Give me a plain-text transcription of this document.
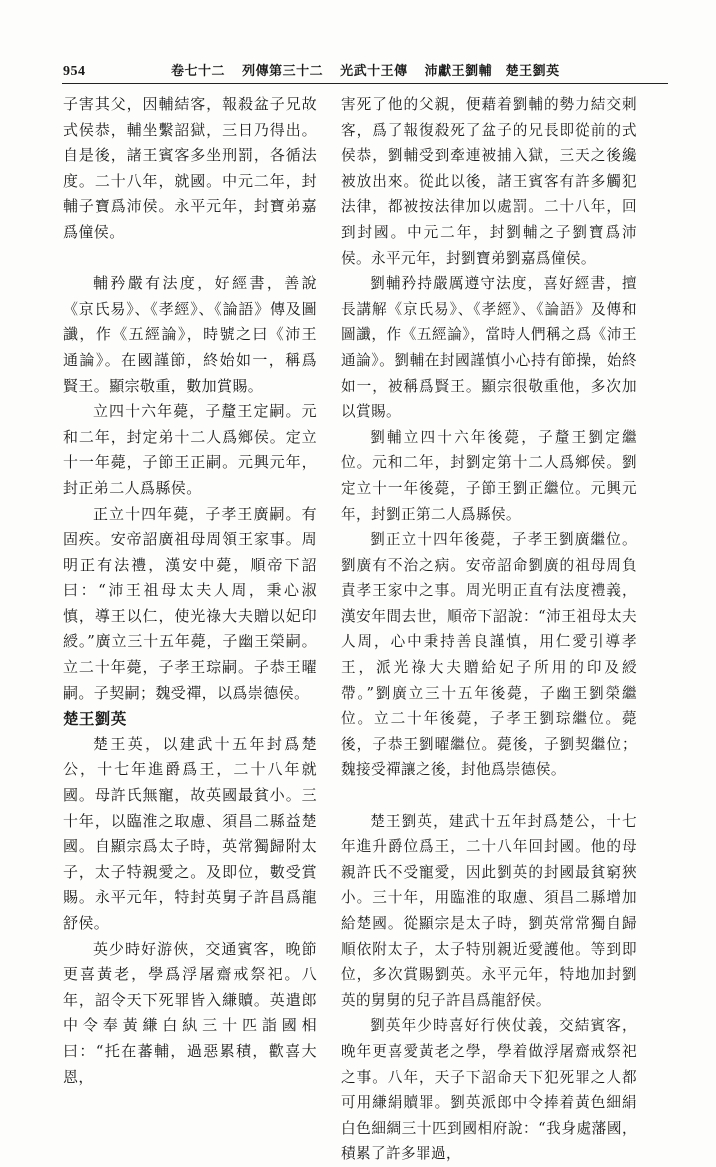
954	卷七十二 列傳第三十二 光武十王傳 沛獻王劉輔　楚王劉英

子害其父，因輔結客，報殺盆子兄故式侯恭，輔坐繫詔獄，三日乃得出。自是後，諸王賓客多坐刑罰，各循法度。二十八年，就國。中元二年，封輔子寶爲沛侯。永平元年，封寶弟嘉爲僮侯。

輔矜嚴有法度，好經書，善說《京氏易》、《孝經》、《論語》傳及圖讖，作《五經論》，時號之曰《沛王通論》。在國謹節，終始如一，稱爲賢王。顯宗敬重，數加賞賜。

立四十六年薨，子釐王定嗣。元和二年，封定弟十二人爲鄉侯。定立十一年薨，子節王正嗣。元興元年，封正弟二人爲縣侯。

正立十四年薨，子孝王廣嗣。有固疾。安帝詔廣祖母周領王家事。周明正有法禮，漢安中薨，順帝下詔曰：“沛王祖母太夫人周，秉心淑慎，導王以仁，使光祿大夫贈以妃印綬。”廣立三十五年薨，子幽王榮嗣。立二十年薨，子孝王琮嗣。子恭王曜嗣。子契嗣；魏受禪，以爲崇德侯。

楚王劉英

楚王英，以建武十五年封爲楚公，十七年進爵爲王，二十八年就國。母許氏無寵，故英國最貧小。三十年，以臨淮之取慮、須昌二縣益楚國。自顯宗爲太子時，英常獨歸附太子，太子特親愛之。及即位，數受賞賜。永平元年，特封英舅子許昌爲龍舒侯。

英少時好游俠，交通賓客，晚節更喜黃老，學爲浮屠齋戒祭祀。八年，詔令天下死罪皆入縑贖。英遣郎中令奉黃縑白紈三十匹詣國相曰：“托在蕃輔，過惡累積，歡喜大恩，

害死了他的父親，便藉着劉輔的勢力結交刺客，爲了報復殺死了盆子的兄長即從前的式侯恭，劉輔受到牽連被捕入獄，三天之後纔被放出來。從此以後，諸王賓客有許多觸犯法律，都被按法律加以處罰。二十八年，回到封國。中元二年，封劉輔之子劉寶爲沛侯。永平元年，封劉寶弟劉嘉爲僮侯。

劉輔矜持嚴厲遵守法度，喜好經書，擅長講解《京氏易》、《孝經》、《論語》及傳和圖讖，作《五經論》，當時人們稱之爲《沛王通論》。劉輔在封國謹慎小心持有節操，始終如一，被稱爲賢王。顯宗很敬重他，多次加以賞賜。

劉輔立四十六年後薨，子釐王劉定繼位。元和二年，封劉定第十二人爲鄉侯。劉定立十一年後薨，子節王劉正繼位。元興元年，封劉正第二人爲縣侯。

劉正立十四年後薨，子孝王劉廣繼位。劉廣有不治之病。安帝詔命劉廣的祖母周負責孝王家中之事。周光明正直有法度禮義，漢安年間去世，順帝下詔說：“沛王祖母太夫人周，心中秉持善良謹慎，用仁愛引導孝王，派光祿大夫贈給妃子所用的印及綬帶。”劉廣立三十五年後薨，子幽王劉榮繼位。立二十年後薨，子孝王劉琮繼位。薨後，子恭王劉曜繼位。薨後，子劉契繼位；魏接受禪讓之後，封他爲崇德侯。

楚王劉英，建武十五年封爲楚公，十七年進升爵位爲王，二十八年回封國。他的母親許氏不受寵愛，因此劉英的封國最貧窮狹小。三十年，用臨淮的取慮、須昌二縣增加給楚國。從顯宗是太子時，劉英常常獨自歸順依附太子，太子特別親近愛護他。等到即位，多次賞賜劉英。永平元年，特地加封劉英的舅舅的兒子許昌爲龍舒侯。

劉英年少時喜好行俠仗義，交結賓客，晚年更喜愛黃老之學，學着做浮屠齋戒祭祀之事。八年，天子下詔命天下犯死罪之人都可用縑絹贖罪。劉英派郎中令捧着黃色細絹白色細綢三十匹到國相府說：“我身處藩國，積累了許多罪過，
